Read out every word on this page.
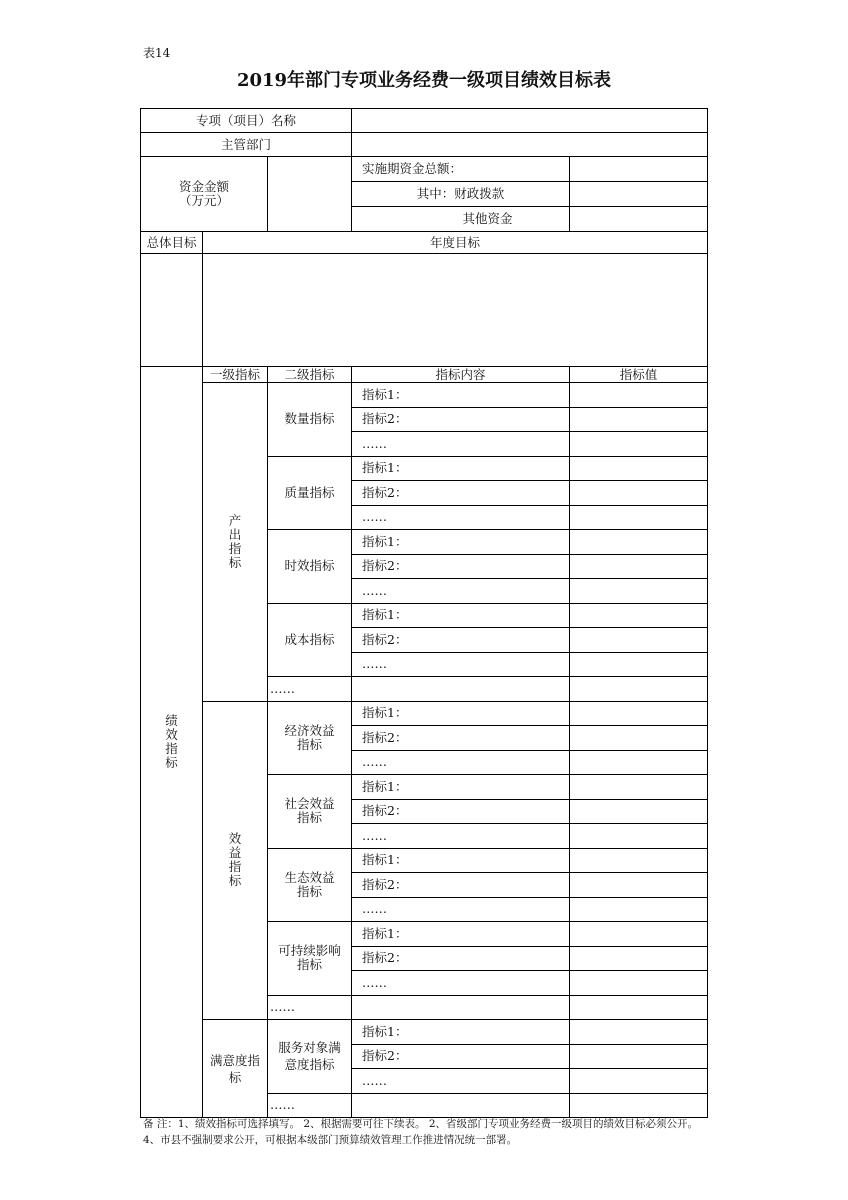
表14
2019年部门专项业务经费一级项目绩效目标表
专项（项目）名称				
主管部门				

资金金额
（万元）			实施期资金总额：	
			其中：财政拨款	
			其他资金	
总体目标	年度目标			

绩效指标	一级指标	二级指标	指标内容	指标值
	产出指标	数量指标	指标1：	
			指标2：	
			……	
		质量指标	指标1：	
			指标2：	
			……	
		时效指标	指标1：	
			指标2：	
			……	
		成本指标	指标1：	
			指标2：	
			……	
		……		
	效益指标	经济效益指标	指标1：	
			指标2：	
			……	

		社会效益指标	指标1：	
			指标2：	
			……	

		生态效益指标	指标1：	
			指标2：	
			……	

		可持续影响指标	指标1：	
			指标2：	
			……	
		……		

	满意度指标	服务对象满意度指标	指标1：	
			指标2：	
			……	
		……		
备 注：1、绩效指标可选择填写。 2、根据需要可往下续表。 2、省级部门专项业务经费一级项目的绩效目标必须公开。4、市县不强制要求公开，可根据本级部门预算绩效管理工作推进情况统一部署。
